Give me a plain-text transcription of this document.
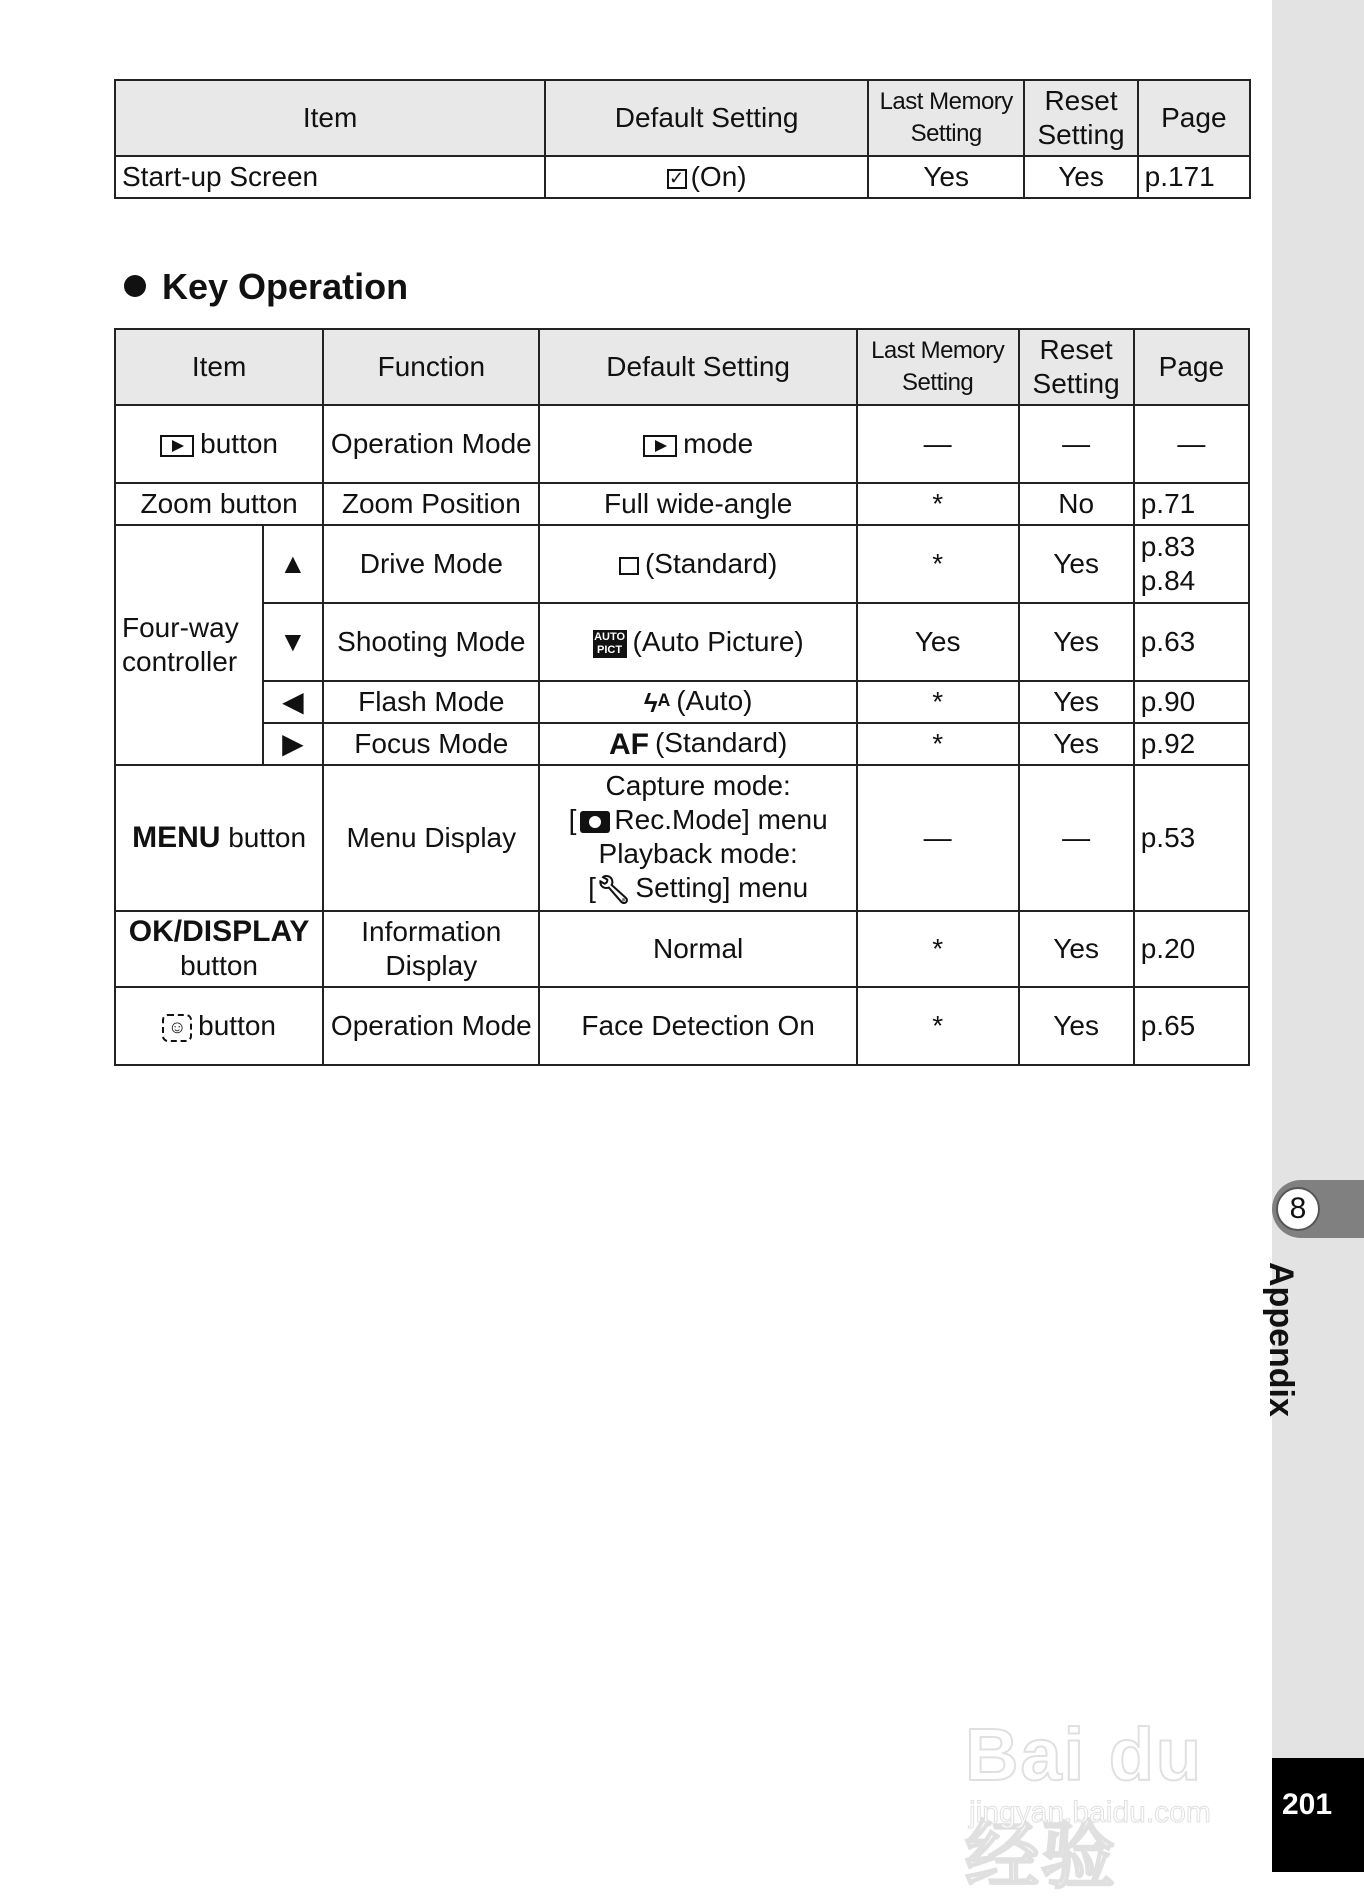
8
Appendix
201
Item	Default Setting	Last Memory Setting	Reset Setting	Page
Start-up Screen	✓ (On)	Yes	Yes	p.171
Key Operation
Item		Function	Default Setting	Last Memory Setting	Reset Setting	Page
button		Operation Mode	mode	—	—	—
Zoom button		Zoom Position	Full wide-angle	*	No	p.71
Four-way controller	▲	Drive Mode	(Standard)	*	Yes	p.83
p.84

	▼	Shooting Mode	AUTO PICT (Auto Picture)	Yes	Yes	p.63
	◀	Flash Mode	ϟᴬ (Auto)	*	Yes	p.90
	▶	Focus Mode	AF (Standard)	*	Yes	p.92
MENU button		Menu Display	Capture mode:
[ Rec.Mode] menu
Playback mode:
[🔧︎ Setting] menu	—	—	p.53

OK/DISPLAY
button		Information Display	Normal	*	Yes	p.20
☺ button		Operation Mode	Face Detection On	*	Yes	p.65
Bai du 经验
jingyan.baidu.com
